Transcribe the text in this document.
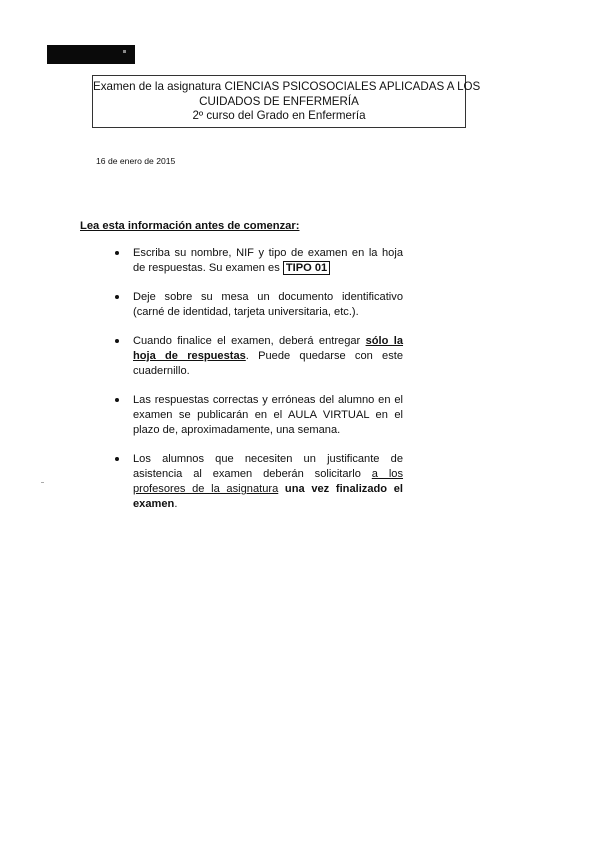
Examen de la asignatura CIENCIAS PSICOSOCIALES APLICADAS A LOS
CUIDADOS DE ENFERMERÍA
2º curso del Grado en Enfermería
16 de enero de 2015
Lea esta información antes de comenzar:
Escriba su nombre, NIF y tipo de examen en la hoja de respuestas. Su examen es TIPO 01
Deje sobre su mesa un documento identificativo (carné de identidad, tarjeta universitaria, etc.).
Cuando finalice el examen, deberá entregar sólo la hoja de respuestas. Puede quedarse con este cuadernillo.
Las respuestas correctas y erróneas del alumno en el examen se publicarán en el AULA VIRTUAL en el plazo de, aproximadamente, una semana.
Los alumnos que necesiten un justificante de asistencia al examen deberán solicitarlo a los profesores de la asignatura una vez finalizado el examen.
